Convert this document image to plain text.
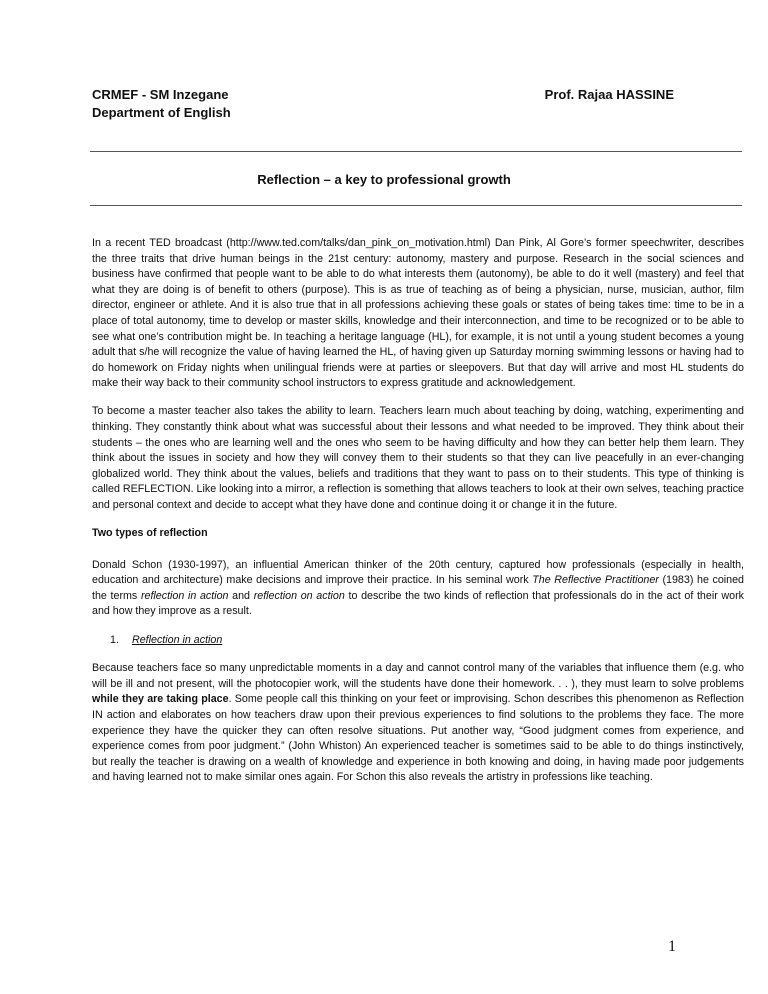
CRMEF - SM Inzegane
Department of English
Prof. Rajaa HASSINE
Reflection – a key to professional growth

In a recent TED broadcast (http://www.ted.com/talks/dan_pink_on_motivation.html) Dan Pink, Al Gore’s former speechwriter, describes the three traits that drive human beings in the 21st century: autonomy, mastery and purpose. Research in the social sciences and business have confirmed that people want to be able to do what interests them (autonomy), be able to do it well (mastery) and feel that what they are doing is of benefit to others (purpose). This is as true of teaching as of being a physician, nurse, musician, author, film director, engineer or athlete. And it is also true that in all professions achieving these goals or states of being takes time: time to be in a place of total autonomy, time to develop or master skills, knowledge and their interconnection, and time to be recognized or to be able to see what one’s contribution might be. In teaching a heritage language (HL), for example, it is not until a young student becomes a young adult that s/he will recognize the value of having learned the HL, of having given up Saturday morning swimming lessons or having had to do homework on Friday nights when unilingual friends were at parties or sleepovers. But that day will arrive and most HL students do make their way back to their community school instructors to express gratitude and acknowledgement.

To become a master teacher also takes the ability to learn. Teachers learn much about teaching by doing, watching, experimenting and thinking. They constantly think about what was successful about their lessons and what needed to be improved. They think about their students – the ones who are learning well and the ones who seem to be having difficulty and how they can better help them learn. They think about the issues in society and how they will convey them to their students so that they can live peacefully in an ever-changing globalized world. They think about the values, beliefs and traditions that they want to pass on to their students. This type of thinking is called REFLECTION. Like looking into a mirror, a reflection is something that allows teachers to look at their own selves, teaching practice and personal context and decide to accept what they have done and continue doing it or change it in the future.

Two types of reflection

Donald Schon (1930-1997), an influential American thinker of the 20th century, captured how professionals (especially in health, education and architecture) make decisions and improve their practice. In his seminal work The Reflective Practitioner (1983) he coined the terms reflection in action and reflection on action to describe the two kinds of reflection that professionals do in the act of their work and how they improve as a result.

1. Reflection in action

Because teachers face so many unpredictable moments in a day and cannot control many of the variables that influence them (e.g. who will be ill and not present, will the photocopier work, will the students have done their homework. . . ), they must learn to solve problems while they are taking place. Some people call this thinking on your feet or improvising. Schon describes this phenomenon as Reflection IN action and elaborates on how teachers draw upon their previous experiences to find solutions to the problems they face. The more experience they have the quicker they can often resolve situations. Put another way, “Good judgment comes from experience, and experience comes from poor judgment.” (John Whiston) An experienced teacher is sometimes said to be able to do things instinctively, but really the teacher is drawing on a wealth of knowledge and experience in both knowing and doing, in having made poor judgements and having learned not to make similar ones again. For Schon this also reveals the artistry in professions like teaching.

1
